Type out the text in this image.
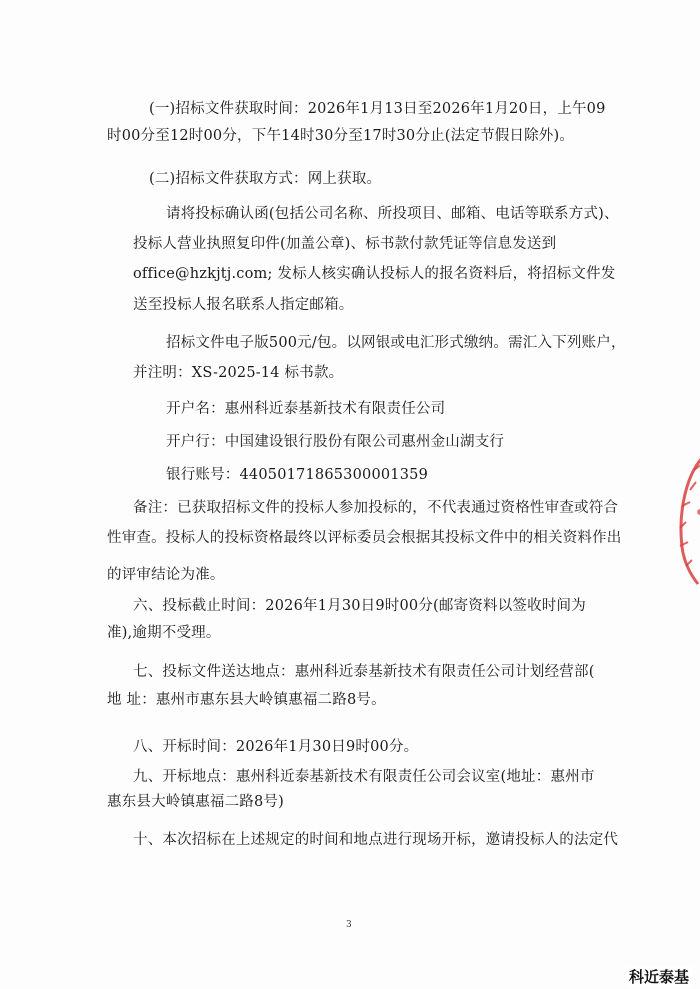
(一)招标文件获取时间：2026年1月13日至2026年1月20日，上午09
时00分至12时00分，下午14时30分至17时30分止(法定节假日除外)。
(二)招标文件获取方式：网上获取。
请将投标确认函(包括公司名称、所投项目、邮箱、电话等联系方式)、
投标人营业执照复印件(加盖公章)、标书款付款凭证等信息发送到
office@hzkjtj.com; 发标人核实确认投标人的报名资料后，将招标文件发
送至投标人报名联系人指定邮箱。
招标文件电子版500元/包。以网银或电汇形式缴纳。需汇入下列账户，
并注明：XS-2025-14 标书款。
开户名：惠州科近泰基新技术有限责任公司
开户行：中国建设银行股份有限公司惠州金山湖支行
银行账号：44050171865300001359
备注：已获取招标文件的投标人参加投标的，不代表通过资格性审查或符合
性审查。投标人的投标资格最终以评标委员会根据其投标文件中的相关资料作出
的评审结论为准。
六、投标截止时间：2026年1月30日9时00分(邮寄资料以签收时间为
准),逾期不受理。
七、投标文件送达地点：惠州科近泰基新技术有限责任公司计划经营部(
地 址：惠州市惠东县大岭镇惠福二路8号。
八、开标时间：2026年1月30日9时00分。
九、开标地点：惠州科近泰基新技术有限责任公司会议室(地址：惠州市
惠东县大岭镇惠福二路8号)
十、本次招标在上述规定的时间和地点进行现场开标，邀请投标人的法定代
3
科近泰基
